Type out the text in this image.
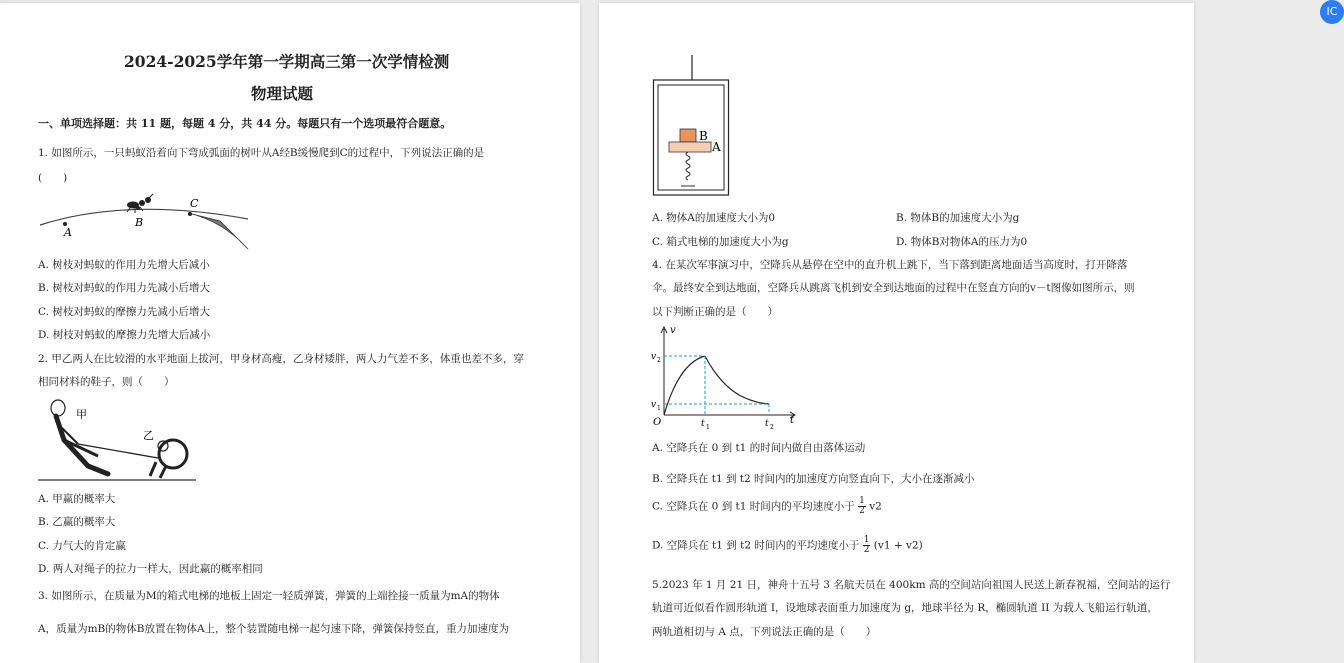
2024-2025学年第一学期高三第一次学情检测
物理试题
一、单项选择题：共 11 题，每题 4 分，共 44 分。每题只有一个选项最符合题意。
1. 如图所示，一只蚂蚁沿着向下弯成弧面的树叶从A经B缓慢爬到C的过程中，下列说法正确的是
(　　)
A
B
C
A. 树枝对蚂蚁的作用力先增大后减小
B. 树枝对蚂蚁的作用力先减小后增大
C. 树枝对蚂蚁的摩擦力先减小后增大
D. 树枝对蚂蚁的摩擦力先增大后减小
2. 甲乙两人在比较滑的水平地面上拔河，甲身材高瘦，乙身材矮胖，两人力气差不多，体重也差不多，穿
相同材料的鞋子，则（　　）
甲
乙
A. 甲赢的概率大
B. 乙赢的概率大
C. 力气大的肯定赢
D. 两人对绳子的拉力一样大，因此赢的概率相同
3. 如图所示，在质量为M的箱式电梯的地板上固定一轻质弹簧，弹簧的上端拴接一质量为mA的物体
A，质量为mB的物体B放置在物体A上，整个装置随电梯一起匀速下降，弹簧保持竖直，重力加速度为
B
A
A. 物体A的加速度大小为0	B. 物体B的加速度大小为g
C. 箱式电梯的加速度大小为g	D. 物体B对物体A的压力为0
4. 在某次军事演习中，空降兵从悬停在空中的直升机上跳下，当下落到距离地面适当高度时，打开降落
伞。最终安全到达地面，空降兵从跳离飞机到安全到达地面的过程中在竖直方向的v－t图像如图所示，则
以下判断正确的是（　　）
v
t
O
v 2
v 1
t 1	t 2
A. 空降兵在 0 到 t1 的时间内做自由落体运动
B. 空降兵在 t1 到 t2 时间内的加速度方向竖直向下，大小在逐渐减小
C. 空降兵在 0 到 t1 时间内的平均速度小于 $\frac{1}{2} v2$
D. 空降兵在 t1 到 t2 时间内的平均速度小于 $\frac{1}{2} (v1 + v2)$
5.2023 年 1 月 21 日，神舟十五号 3 名航天员在 400km 高的空间站向祖国人民送上新春祝福，空间站的运行
轨道可近似看作圆形轨道 I，设地球表面重力加速度为 g，地球半径为 R，椭圆轨道 II 为载人飞船运行轨道，
两轨道相切与 A 点，下列说法正确的是（　　）
IC
